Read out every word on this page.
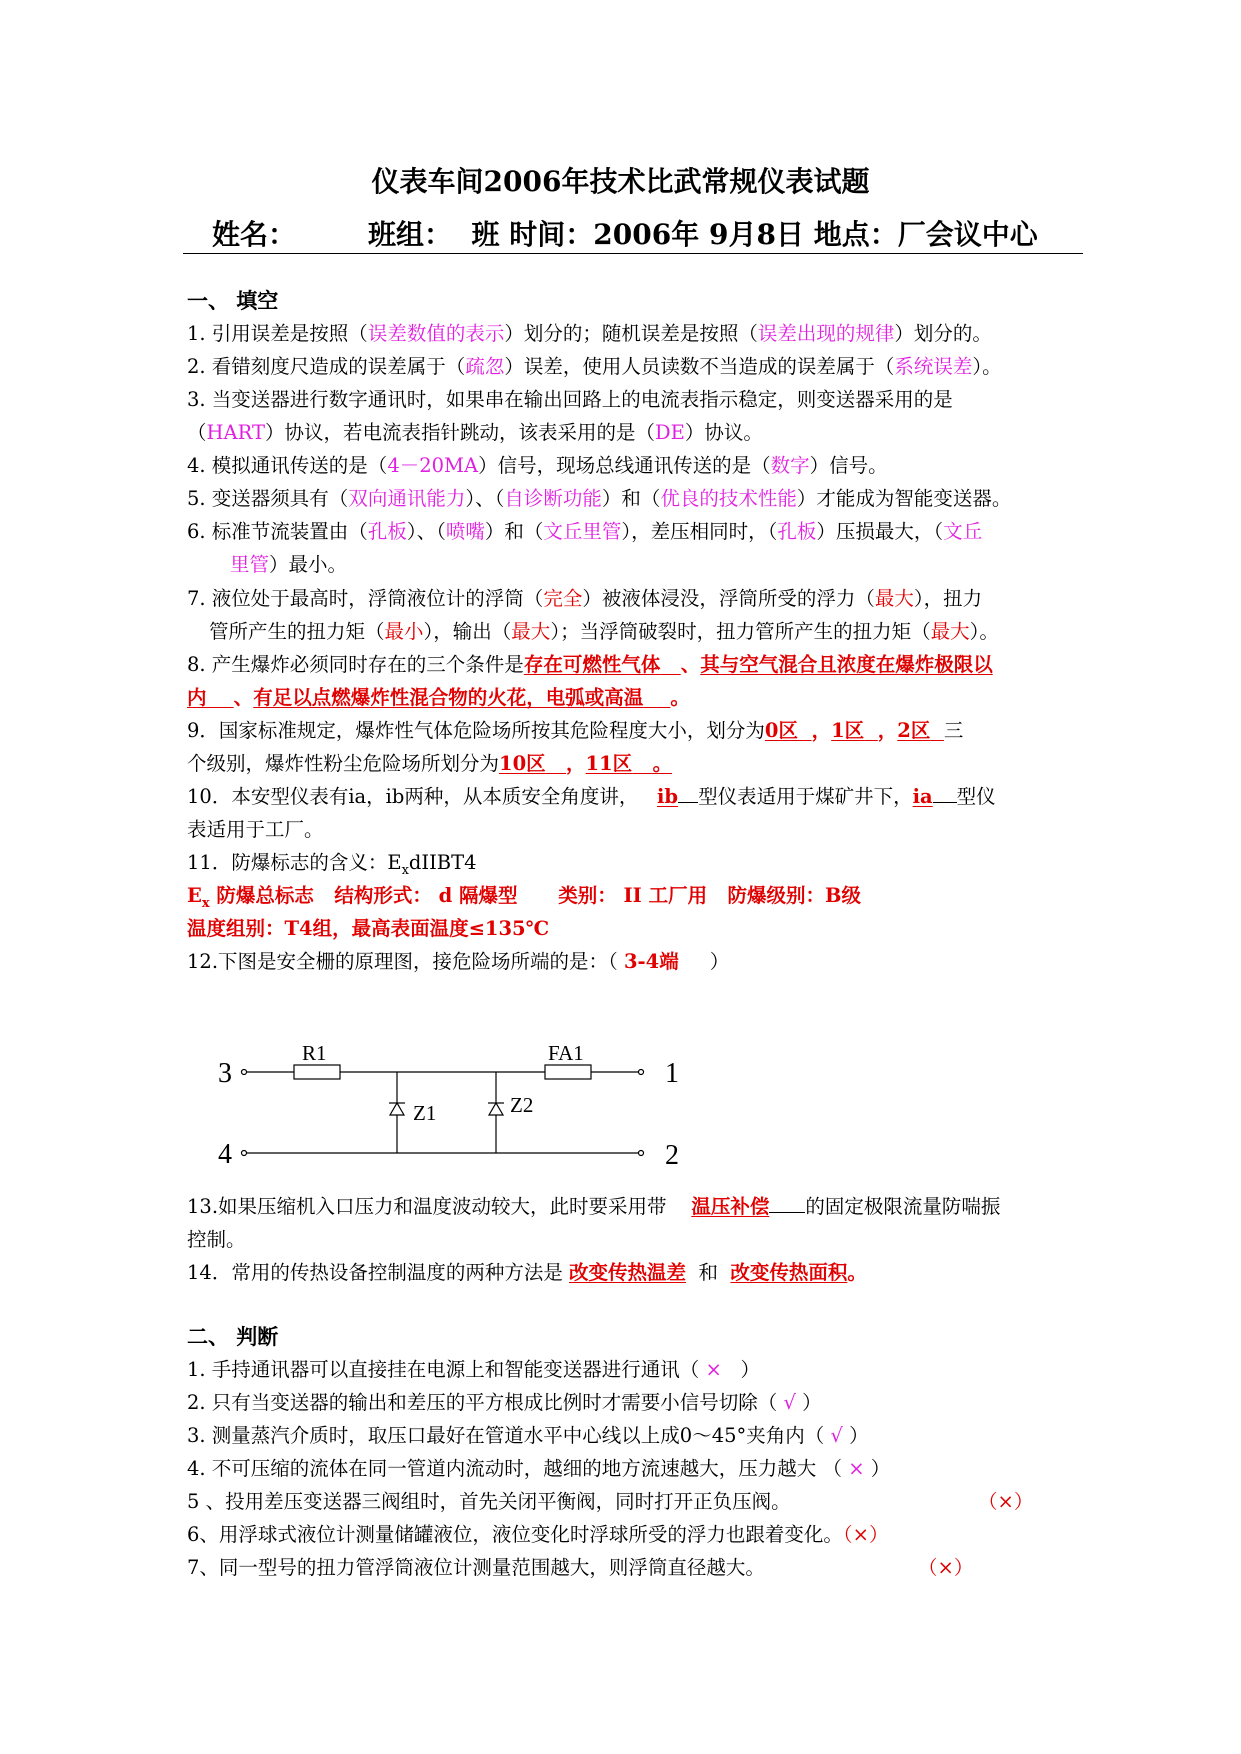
仪表车间2006年技术比武常规仪表试题
姓名：	班组： 班 时间：2006年 9月8日 地点：厂会议中心
一、 填空
1. 引用误差是按照（误差数值的表示）划分的；随机误差是按照（误差出现的规律）划分的。
2. 看错刻度尺造成的误差属于（疏忽）误差，使用人员读数不当造成的误差属于（系统误差）。
3. 当变送器进行数字通讯时，如果串在输出回路上的电流表指示稳定，则变送器采用的是
（HART）协议，若电流表指针跳动，该表采用的是（DE）协议。
4. 模拟通讯传送的是（4－20MA）信号，现场总线通讯传送的是（数字）信号。
5. 变送器须具有（双向通讯能力）、（自诊断功能）和（优良的技术性能）才能成为智能变送器。
6. 标准节流装置由（孔板）、（喷嘴）和（文丘里管），差压相同时，（孔板）压损最大，（文丘
里管）最小。
7. 液位处于最高时，浮筒液位计的浮筒（完全）被液体浸没，浮筒所受的浮力（最大），扭力
管所产生的扭力矩（最小），输出（最大）；当浮筒破裂时，扭力管所产生的扭力矩（最大）。
8. 产生爆炸必须同时存在的三个条件是存在可燃性气体 、其与空气混合且浓度在爆炸极限以
内 、有足以点燃爆炸性混合物的火花，电弧或高温 。
9．国家标准规定，爆炸性气体危险场所按其危险程度大小，划分为0区 ，1区 ，2区 三
个级别，爆炸性粉尘危险场所划分为10区 ，11区 。
10．本安型仪表有ia，ib两种，从本质安全角度讲， ib 型仪表适用于煤矿井下，ia 型仪
表适用于工厂。
11．防爆标志的含义：$E_xdIIBT4$
$E_x$ 防爆总标志 结构形式： d 隔爆型 类别： II 工厂用 防爆级别：B级
温度组别：T4组，最高表面温度≤135℃
12.下图是安全栅的原理图，接危险场所端的是：（ 3-4端 ）
3
4
1
2
R1	FA1
Z1	Z2
13.如果压缩机入口压力和温度波动较大，此时要采用带 温压补偿 的固定极限流量防喘振
控制。
14．常用的传热设备控制温度的两种方法是 改变传热温差 和 改变传热面积。
二、 判断
1. 手持通讯器可以直接挂在电源上和智能变送器进行通讯（ × ）
2. 只有当变送器的输出和差压的平方根成比例时才需要小信号切除（ √ ）
3. 测量蒸汽介质时，取压口最好在管道水平中心线以上成0～45°夹角内（ √ ）
4. 不可压缩的流体在同一管道内流动时，越细的地方流速越大，压力越大 （ × ）
5 、投用差压变送器三阀组时，首先关闭平衡阀，同时打开正负压阀。	（×）
6、用浮球式液位计测量储罐液位，液位变化时浮球所受的浮力也跟着变化。（×）
7、同一型号的扭力管浮筒液位计测量范围越大，则浮筒直径越大。	（×）
